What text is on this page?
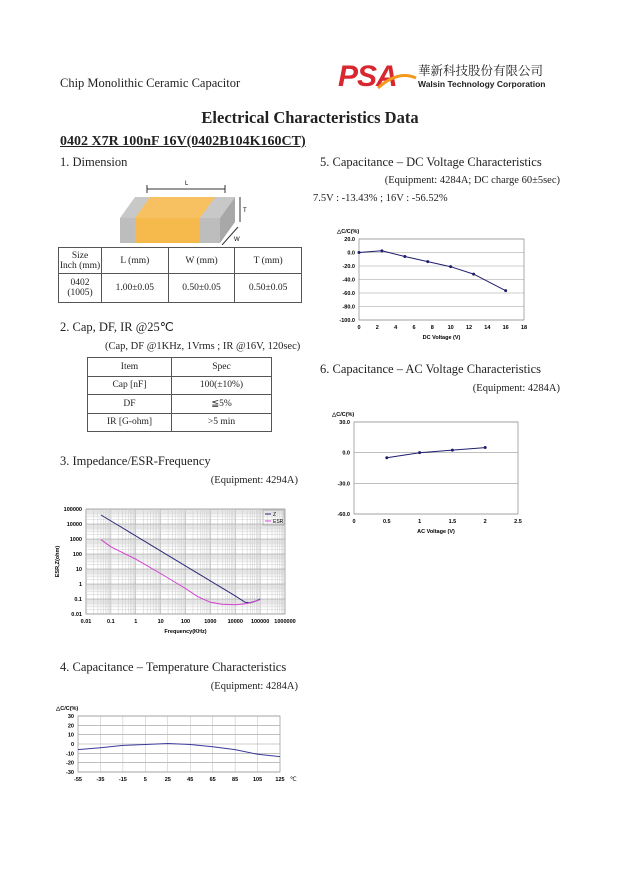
Chip Monolithic Ceramic Capacitor	PSA 華新科技股份有限公司
Walsin Technology Corporation
Electrical Characteristics Data
0402 X7R 100nF 16V(0402B104K160CT)
1. Dimension
L
T
W
Size
Inch (mm)	L (mm)	W (mm)	T (mm)
0402
(1005)	1.00±0.05	0.50±0.05	0.50±0.05
2. Cap, DF, IR @25℃
(Cap, DF @1KHz, 1Vrms ; IR @16V, 120sec)
Item	Spec
Cap [nF]	100(±10%)
DF	≦5%
IR [G-ohm]	>5 min
3. Impedance/ESR-Frequency
(Equipment: 4294A)
0.01	0.1	1	10	100	1000 10000 100000 1000000
100000
10000
1000
100
10
1
0.1
0.01
Frequency(KHz)
ESR,Z(ohm)
Z
ESR
4. Capacitance – Temperature Characteristics
(Equipment: 4284A)
-55	-35	-15	5	25	45	65	85	105 125
30
20
10
0
-10
-20
-30
℃
△C/C(%)
5. Capacitance – DC Voltage Characteristics
(Equipment: 4284A; DC charge 60±5sec)
7.5V : -13.43% ; 16V : -56.52%
0	2	4	6	8 10 12 14 16 18
20.0
0.0
-20.0
-40.0
-60.0
-80.0
-100.0
DC Voltage (V)
△C/C(%)
6. Capacitance – AC Voltage Characteristics
(Equipment: 4284A)
0	0.5	1	1.5	2	2.5
30.0
0.0
-30.0
-60.0
AC Voltage (V)
△C/C(%)
